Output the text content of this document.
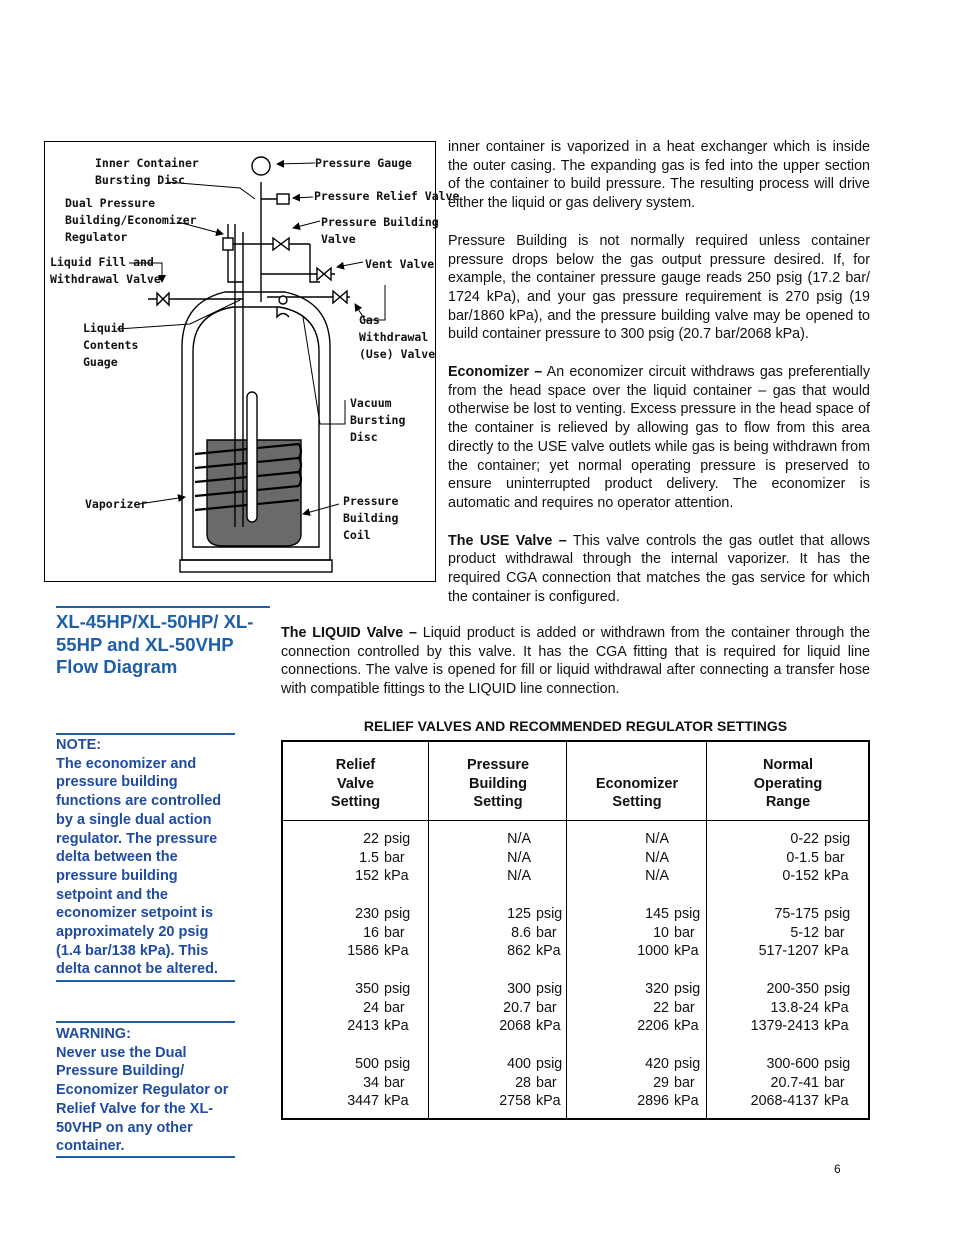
Inner Container Bursting Disc
Pressure Gauge
Dual Pressure Building/Economizer Regulator
Pressure Relief Valve
Pressure Building Valve
Liquid Fill and Withdrawal Valve
Vent Valve
Gas Withdrawal (Use) Valve
Liquid Contents Guage
Vacuum Bursting Disc
Vaporizer	Pressure Building Coil

inner container is vaporized in a heat exchanger which is inside the outer casing. The expanding gas is fed into the upper section of the container to build pressure. The resulting process will drive either the liquid or gas delivery system.

Pressure Building is not normally required unless container pressure drops below the gas output pressure desired. If, for example, the container pressure gauge reads 250 psig (17.2 bar/ 1724 kPa), and your gas pressure requirement is 270 psig (19 bar/1860 kPa), and the pressure building valve may be opened to build container pressure to 300 psig (20.7 bar/2068 kPa).

Economizer – An economizer circuit withdraws gas preferentially from the head space over the liquid container – gas that would otherwise be lost to venting. Excess pressure in the head space of the container is relieved by allowing gas to flow from this area directly to the USE valve outlets while gas is being withdrawn from the container; yet normal operating pressure is preserved to ensure uninterrupted product delivery. The economizer is automatic and requires no operator attention.

The USE Valve – This valve controls the gas outlet that allows product withdrawal through the internal vaporizer. It has the required CGA connection that matches the gas service for which the container is configured.

XL-45HP/XL-50HP/ XL-55HP and XL-50VHP Flow Diagram
NOTE:
The economizer and pressure building functions are controlled by a single dual action regulator. The pressure delta between the pressure building setpoint and the economizer setpoint is approximately 20 psig (1.4 bar/138 kPa). This delta cannot be altered.
WARNING:
Never use the Dual Pressure Building/ Economizer Regulator or Relief Valve for the XL-50VHP on any other container.
The LIQUID Valve – Liquid product is added or withdrawn from the container through the connection controlled by this valve. It has the CGA fitting that is required for liquid line connections. The valve is opened for fill or liquid withdrawal after connecting a transfer hose with compatible fittings to the LIQUID line connection.
RELIEF VALVES AND RECOMMENDED REGULATOR SETTINGS
Relief
Valve
Setting
22 psig
1.5 bar
152 kPa
230 psig
16 bar
1586 kPa
350 psig
24 bar
2413 kPa
500 psig
34 bar
3447 kPa
Pressure
Building
Setting
N/A
N/A
N/A
125 psig
8.6 bar
862 kPa
300 psig
20.7 bar
2068 kPa
400 psig
28 bar
2758 kPa
Economizer
Setting
N/A
N/A
N/A
145 psig
10 bar
1000 kPa
320 psig
22 bar
2206 kPa
420 psig
29 bar
2896 kPa
Normal
Operating
Range
0-22 psig
0-1.5 bar
0-152 kPa
75-175 psig
5-12 bar
517-1207 kPa
200-350 psig
13.8-24 kPa
1379-2413 kPa
300-600 psig
20.7-41 bar
2068-4137 kPa
6
